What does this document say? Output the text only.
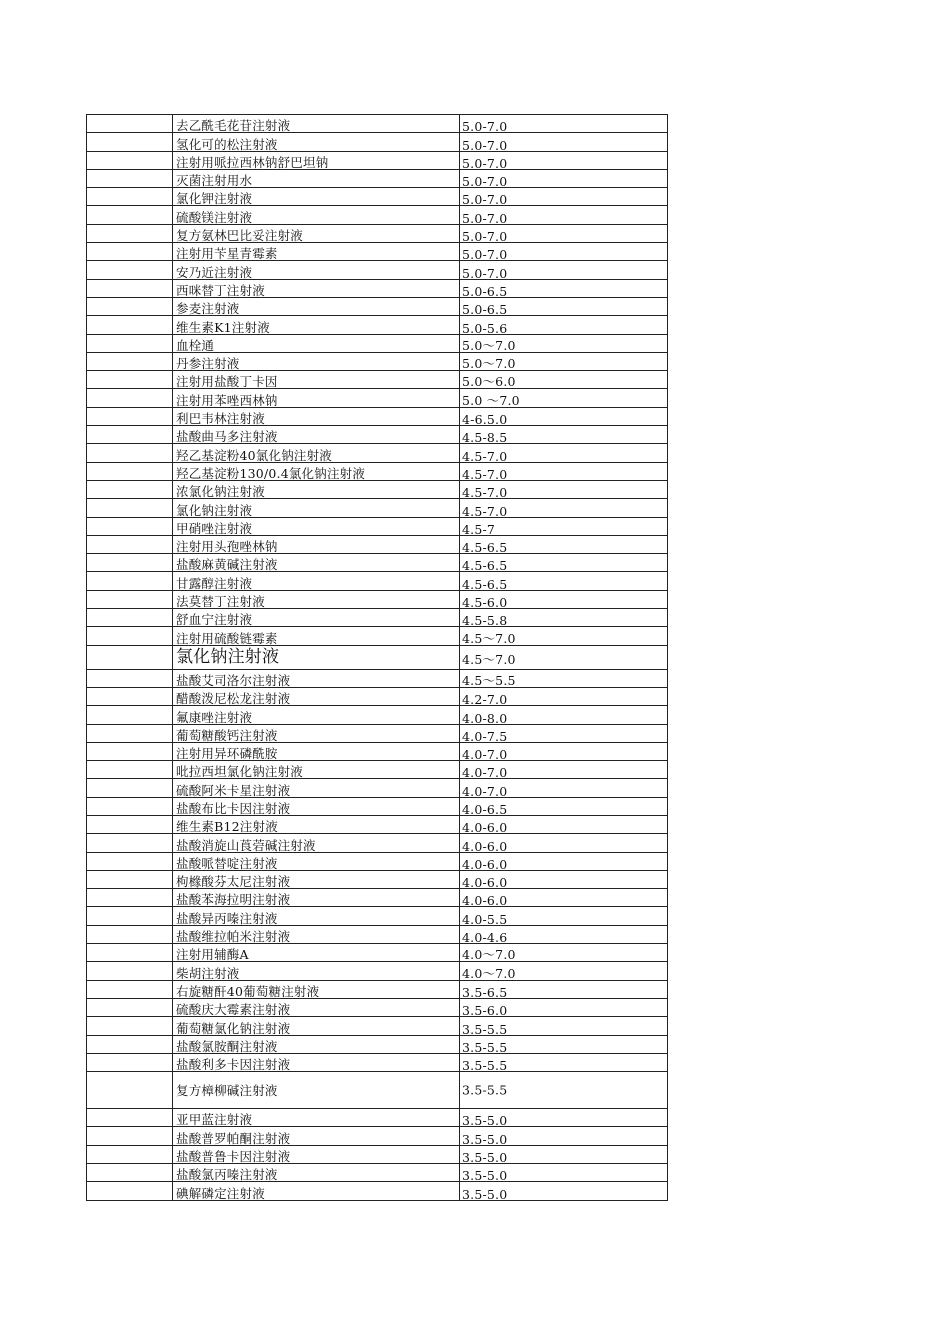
去乙酰毛花苷注射液	5.0-7.0
氢化可的松注射液	5.0-7.0
注射用哌拉西林钠舒巴坦钠	5.0-7.0
灭菌注射用水	5.0-7.0
氯化钾注射液	5.0-7.0
硫酸镁注射液	5.0-7.0
复方氨林巴比妥注射液	5.0-7.0
注射用苄星青霉素	5.0-7.0
安乃近注射液	5.0-7.0
西咪替丁注射液	5.0-6.5
参麦注射液	5.0-6.5
维生素K1注射液	5.0-5.6
血栓通	5.0～7.0
丹参注射液	5.0～7.0
注射用盐酸丁卡因	5.0～6.0
注射用苯唑西林钠	5.0 ～7.0
利巴韦林注射液	4-6.5.0
盐酸曲马多注射液	4.5-8.5
羟乙基淀粉40氯化钠注射液	4.5-7.0
羟乙基淀粉130/0.4氯化钠注射液	4.5-7.0
浓氯化钠注射液	4.5-7.0
氯化钠注射液	4.5-7.0
甲硝唑注射液	4.5-7
注射用头孢唑林钠	4.5-6.5
盐酸麻黄碱注射液	4.5-6.5
甘露醇注射液	4.5-6.5
法莫替丁注射液	4.5-6.0
舒血宁注射液	4.5-5.8
注射用硫酸链霉素	4.5～7.0
氯化钠注射液	4.5～7.0
盐酸艾司洛尔注射液	4.5～5.5
醋酸泼尼松龙注射液	4.2-7.0
氟康唑注射液	4.0-8.0
葡萄糖酸钙注射液	4.0-7.5
注射用异环磷酰胺	4.0-7.0
吡拉西坦氯化钠注射液	4.0-7.0
硫酸阿米卡星注射液	4.0-7.0
盐酸布比卡因注射液	4.0-6.5
维生素B12注射液	4.0-6.0
盐酸消旋山莨菪碱注射液	4.0-6.0
盐酸哌替啶注射液	4.0-6.0
枸橼酸芬太尼注射液	4.0-6.0
盐酸苯海拉明注射液	4.0-6.0
盐酸异丙嗪注射液	4.0-5.5
盐酸维拉帕米注射液	4.0-4.6
注射用辅酶A	4.0～7.0
柴胡注射液	4.0～7.0
右旋糖酐40葡萄糖注射液	3.5-6.5
硫酸庆大霉素注射液	3.5-6.0
葡萄糖氯化钠注射液	3.5-5.5
盐酸氯胺酮注射液	3.5-5.5
盐酸利多卡因注射液	3.5-5.5
复方樟柳碱注射液	3.5-5.5
亚甲蓝注射液	3.5-5.0
盐酸普罗帕酮注射液	3.5-5.0
盐酸普鲁卡因注射液	3.5-5.0
盐酸氯丙嗪注射液	3.5-5.0
碘解磷定注射液	3.5-5.0
